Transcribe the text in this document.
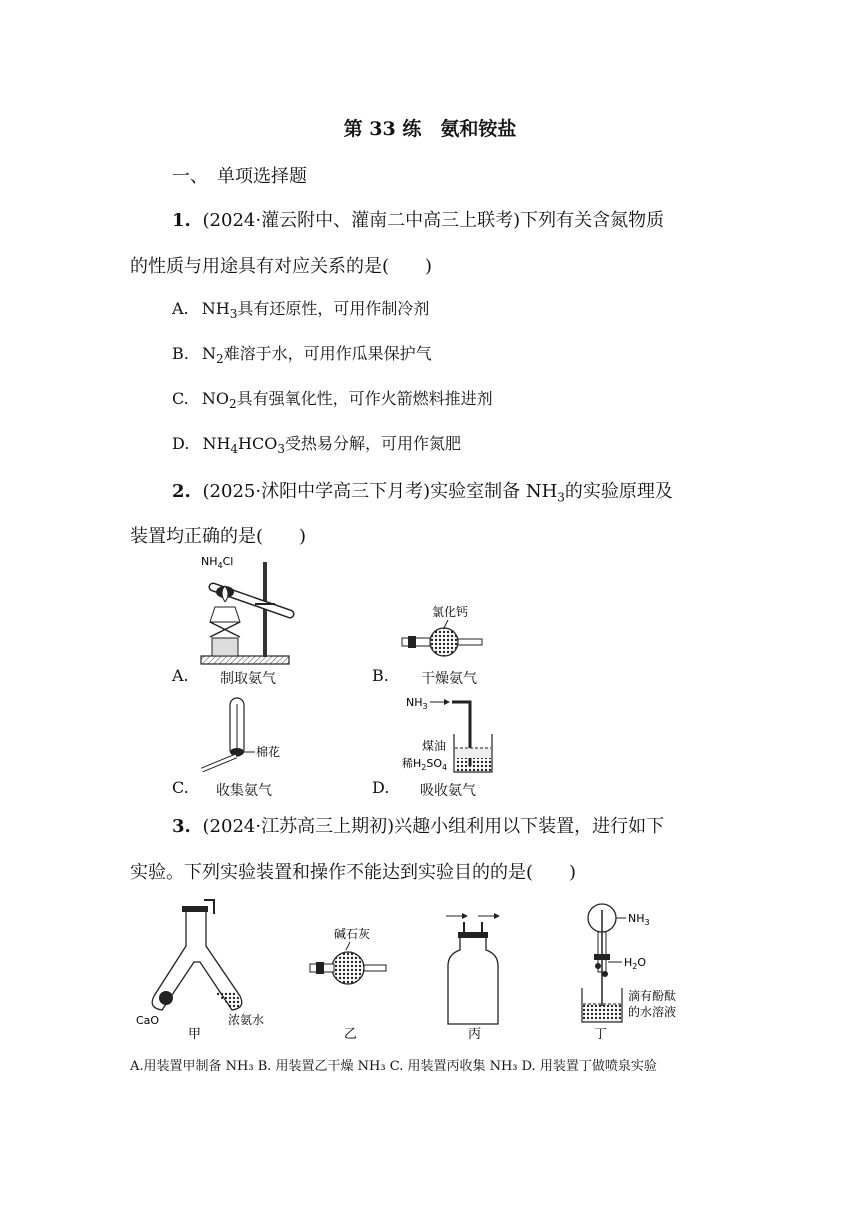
第 33 练　氨和铵盐
一、　单项选择题
1. (2024·灌云附中、灌南二中高三上联考)下列有关含氮物质
的性质与用途具有对应关系的是(　　)
A. $NH_3$具有还原性，可用作制冷剂
B. $N_2$难溶于水，可用作瓜果保护气
C. $NO_2$具有强氧化性，可作火箭燃料推进剂
D. $NH_4HCO_3$受热易分解，可用作氮肥
2. (2025·沭阳中学高三下月考)实验室制备 $NH_3$的实验原理及
装置均正确的是(　　)
$NH_4Cl$
A. 制取氨气
氯化钙
B. 干燥氨气
棉花
C. 收集氨气
$NH_3$
煤油
稀$H_2SO_4$
D. 吸收氨气
3. (2024·江苏高三上期初)兴趣小组利用以下装置，进行如下
实验。下列实验装置和操作不能达到实验目的的是(　　)
CaO	浓氨水
甲
碱石灰
乙	丙
$NH_3$
$H_2O$
滴有酚酞
的水溶液
丁
A.用装置甲制备 NH₃ B. 用装置乙干燥 NH₃ C. 用装置丙收集 NH₃ D. 用装置丁做喷泉实验
